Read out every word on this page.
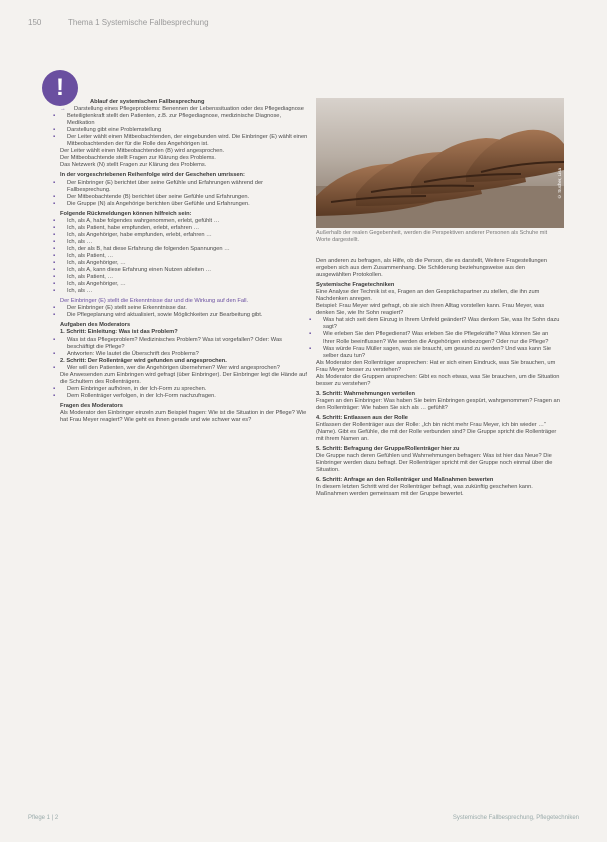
150	Thema 1 Systemische Fallbesprechung
!

Ablauf der systemischen Fallbesprechung

→ Darstellung eines Pflegeproblems: Benennen der Lebenssituation oder des Pflegediagnose

▪ Beteiligtenkraft stellt den Patienten, z.B. zur Pflegediagnose, medizinische Diagnose, Medikation

▪ Darstellung gibt eine Problemstellung

▪ Der Leiter wählt einen Mitbeobachtenden, der eingebunden wird. Die Einbringer (E) wählt einen Mitbeobachtenden der für die Rolle des Angehörigen ist.

Der Leiter wählt einen Mitbeobachtenden (B) wird angesprochen.

Der Mitbeobachtende stellt Fragen zur Klärung des Problems.

Das Netzwerk (N) stellt Fragen zur Klärung des Problems.

In der vorgeschriebenen Reihenfolge wird der Geschehen umrissen:

▪ Der Einbringer (E) berichtet über seine Gefühle und Erfahrungen während der Fallbesprechung.

▪ Der Mitbeobachtende (B) berichtet über seine Gefühle und Erfahrungen.

▪ Die Gruppe (N) als Angehörige berichten über Gefühle und Erfahrungen.

Folgende Rückmeldungen können hilfreich sein:

▪ Ich, als A, habe folgendes wahrgenommen, erlebt, gefühlt …

▪ Ich, als Patient, habe empfunden, erlebt, erfahren …

▪ Ich, als Angehöriger, habe empfunden, erlebt, erfahren …

▪ Ich, als …

▪ Ich, der als B, hat diese Erfahrung die folgenden Spannungen …

▪ Ich, als Patient, …

▪ Ich, als Angehöriger, …

▪ Ich, als A, kann diese Erfahrung einen Nutzen ableiten …

▪ Ich, als Patient, …

▪ Ich, als Angehöriger, …

▪ Ich, als …

Der Einbringer (E) stellt die Erkenntnisse dar und die Wirkung auf den Fall.

▪ Der Einbringer (E) stellt seine Erkenntnisse dar.

▪ Die Pflegeplanung wird aktualisiert, sowie Möglichkeiten zur Bearbeitung gibt.

Aufgaben des Moderators

1. Schritt: Einleitung: Was ist das Problem?

▪ Was ist das Pflegeproblem? Medizinisches Problem? Was ist vorgefallen? Oder: Was beschäftigt die Pflege?

▪ Antworten: Wie lautet die Überschrift des Problems?

2. Schritt: Der Rollenträger wird gefunden und angesprochen.

▪ Wer will den Patienten, wer die Angehörigen übernehmen? Wer wird angesprochen?

Die Anwesenden zum Einbringen wird gefragt (über Einbringer). Der Einbringer legt die Hände auf die Schultern des Rollenträgers.

▪ Dem Einbringer aufhören, in der Ich-Form zu sprechen.

▪ Dem Rollenträger verfolgen, in der Ich-Form nachzufragen.

Fragen des Moderators

Als Moderator den Einbringer einzeln zum Beispiel fragen: Wie ist die Situation in der Pflege? Wie hat Frau Meyer reagiert? Wie geht es ihnen gerade und wie schwer war es?

© Sucher, Lisa
Außerhalb der realen Gegebenheit, werden die Perspektiven anderer Personen als Schuhe mit Worte dargestellt.

Den anderen zu befragen, als Hilfe, ob die Person, die es darstellt, Weitere Fragestellungen ergeben sich aus dem Zusammenhang. Die Schilderung beziehungsweise aus den ausgewählten Protokollen.

Systemische Fragetechniken

Eine Analyse der Technik ist es, Fragen an den Gesprächspartner zu stellen, die ihn zum Nachdenken anregen.

Beispiel: Frau Meyer wird gefragt, ob sie sich ihren Alltag vorstellen kann. Frau Meyer, was denken Sie, wie Ihr Sohn reagiert?

▪ Was hat sich seit dem Einzug in Ihrem Umfeld geändert? Was denken Sie, was Ihr Sohn dazu sagt?

▪ Wie erleben Sie den Pflegedienst? Was erleben Sie die Pflegekräfte? Was können Sie an Ihrer Rolle beeinflussen? Wie werden die Angehörigen einbezogen? Oder nur die Pflege?

▪ Was würde Frau Müller sagen, was sie braucht, um gesund zu werden? Und was kann Sie selber dazu tun?

Als Moderator den Rollenträger ansprechen: Hat er sich einen Eindruck, was Sie brauchen, um Frau Meyer besser zu verstehen?

Als Moderator die Gruppen ansprechen: Gibt es noch etwas, was Sie brauchen, um die Situation besser zu verstehen?

3. Schritt: Wahrnehmungen verteilen

Fragen an den Einbringer: Was haben Sie beim Einbringen gespürt, wahrgenommen? Fragen an den Rollenträger: Wie haben Sie sich als … gefühlt?

4. Schritt: Entlassen aus der Rolle

Entlassen der Rollenträger aus der Rolle: „Ich bin nicht mehr Frau Meyer, ich bin wieder …“ (Name). Gibt es Gefühle, die mit der Rolle verbunden sind? Die Gruppe spricht die Rollenträger mit ihrem Namen an.

5. Schritt: Befragung der Gruppe/Rollenträger hier zu

Die Gruppe nach deren Gefühlen und Wahrnehmungen befragen: Was ist hier das Neue? Die Einbringer werden dazu befragt. Der Rollenträger spricht mit der Gruppe noch einmal über die Situation.

6. Schritt: Anfrage an den Rollenträger und Maßnahmen bewerten

In diesem letzten Schritt wird der Rollenträger befragt, was zukünftig geschehen kann. Maßnahmen werden gemeinsam mit der Gruppe bewertet.

Pflege 1 | 2	Systemische Fallbesprechung, Pflegetechniken
